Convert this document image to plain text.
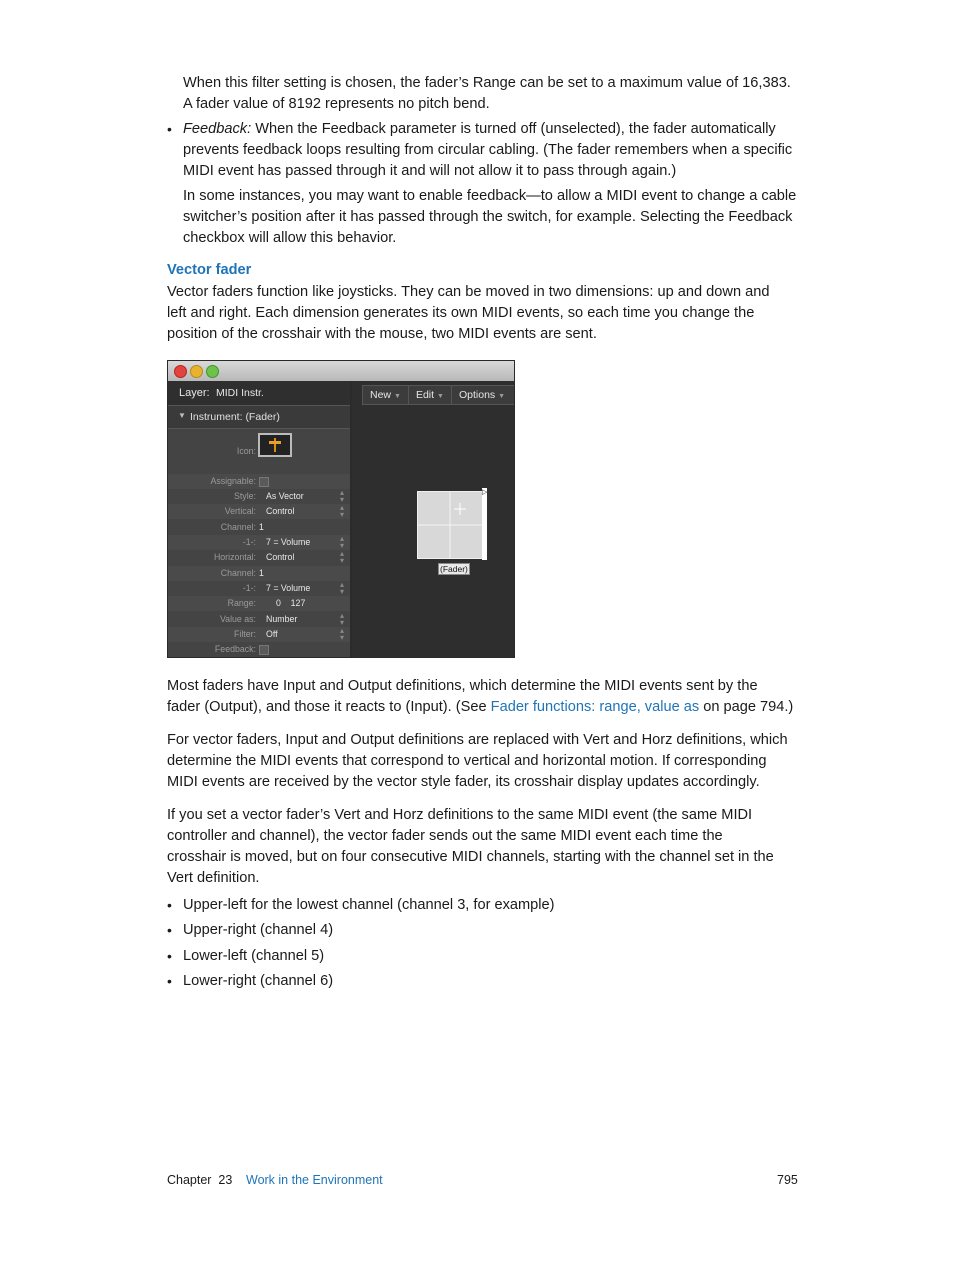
When this filter setting is chosen, the fader’s Range can be set to a maximum value of 16,383.
A fader value of 8192 represents no pitch bend.

• Feedback: When the Feedback parameter is turned off (unselected), the fader automatically
prevents feedback loops resulting from circular cabling. (The fader remembers when a specific
MIDI event has passed through it and will not allow it to pass through again.)

In some instances, you may want to enable feedback—to allow a MIDI event to change a cable
switcher’s position after it has passed through the switch, for example. Selecting the Feedback
checkbox will allow this behavior.

Vector fader

Vector faders function like joysticks. They can be moved in two dimensions: up and down and
left and right. Each dimension generates its own MIDI events, so each time you change the
position of the crosshair with the mouse, two MIDI events are sent.

Layer: MIDI Instr.
▼ Instrument: (Fader)
Icon:
Assignable:
Style: As Vector	▴
▾
Vertical: Control	▴
▾
Channel: 1
-1-: 7 = Volume	▴
▾
Horizontal: Control	▴
▾
Channel: 1
-1-: 7 = Volume	▴
▾
Range: 0    127
Value as: Number	▴
▾
Filter: Off	▴
▾
Feedback:
New ▼	Edit ▼	Options ▼
▷
(Fader)

Most faders have Input and Output definitions, which determine the MIDI events sent by the
fader (Output), and those it reacts to (Input). (See Fader functions: range, value as on page 794.)

For vector faders, Input and Output definitions are replaced with Vert and Horz definitions, which
determine the MIDI events that correspond to vertical and horizontal motion. If corresponding
MIDI events are received by the vector style fader, its crosshair display updates accordingly.

If you set a vector fader’s Vert and Horz definitions to the same MIDI event (the same MIDI
controller and channel), the vector fader sends out the same MIDI event each time the
crosshair is moved, but on four consecutive MIDI channels, starting with the channel set in the
Vert definition.

• Upper-left for the lowest channel (channel 3, for example)

• Upper-right (channel 4)

• Lower-left (channel 5)

• Lower-right (channel 6)

Chapter  23 Work in the Environment	795
